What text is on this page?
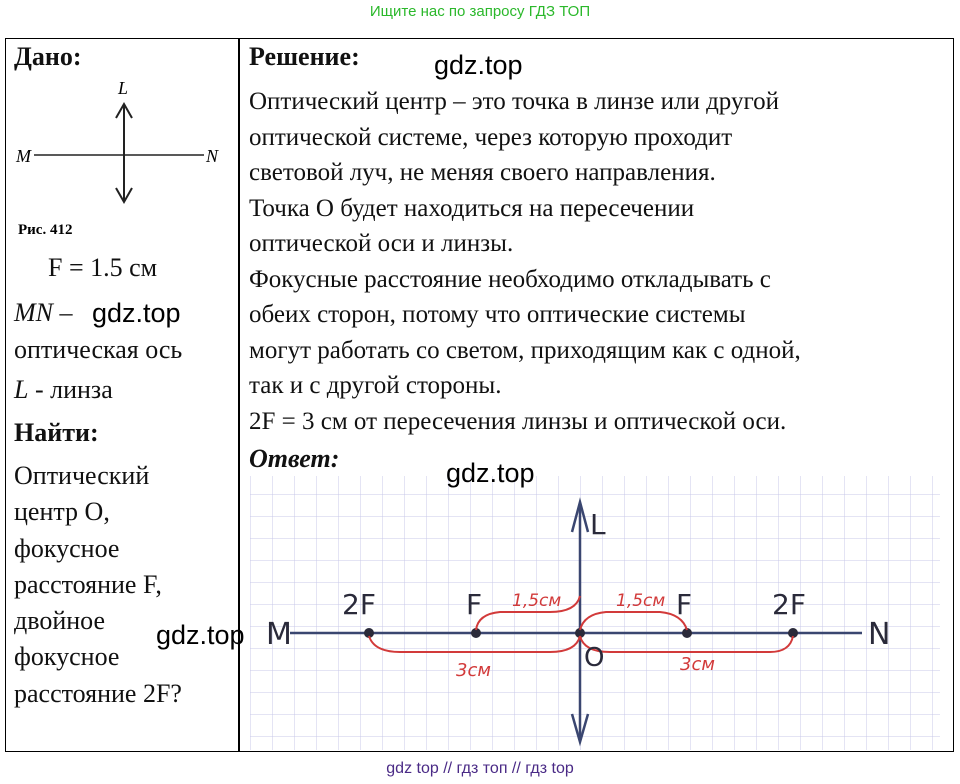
Ищите нас по запросу ГДЗ ТОП
Дано:
L
M	N
Рис. 412
F = 1.5 см
MN –
оптическая ось
L - линза
Найти:
Оптический
центр O,
фокусное
расстояние F,
двойное
фокусное
расстояние 2F?
Решение:
Оптический центр – это точка в линзе или другой
оптической системе, через которую проходит
световой луч, не меняя своего направления.
Точка O будет находиться на пересечении
оптической оси и линзы.
Фокусные расстояние необходимо откладывать с
обеих сторон, потому что оптические системы
могут работать со светом, приходящим как с одной,
так и с другой стороны.
2F = 3 см от пересечения линзы и оптической оси.
Ответ:
M	N
L
O
2F	F	F	2F
1,5см	1,5см
3см	3см
gdz.top
gdz.top
gdz.top
gdz.top
gdz top // гдз топ // гдз top
